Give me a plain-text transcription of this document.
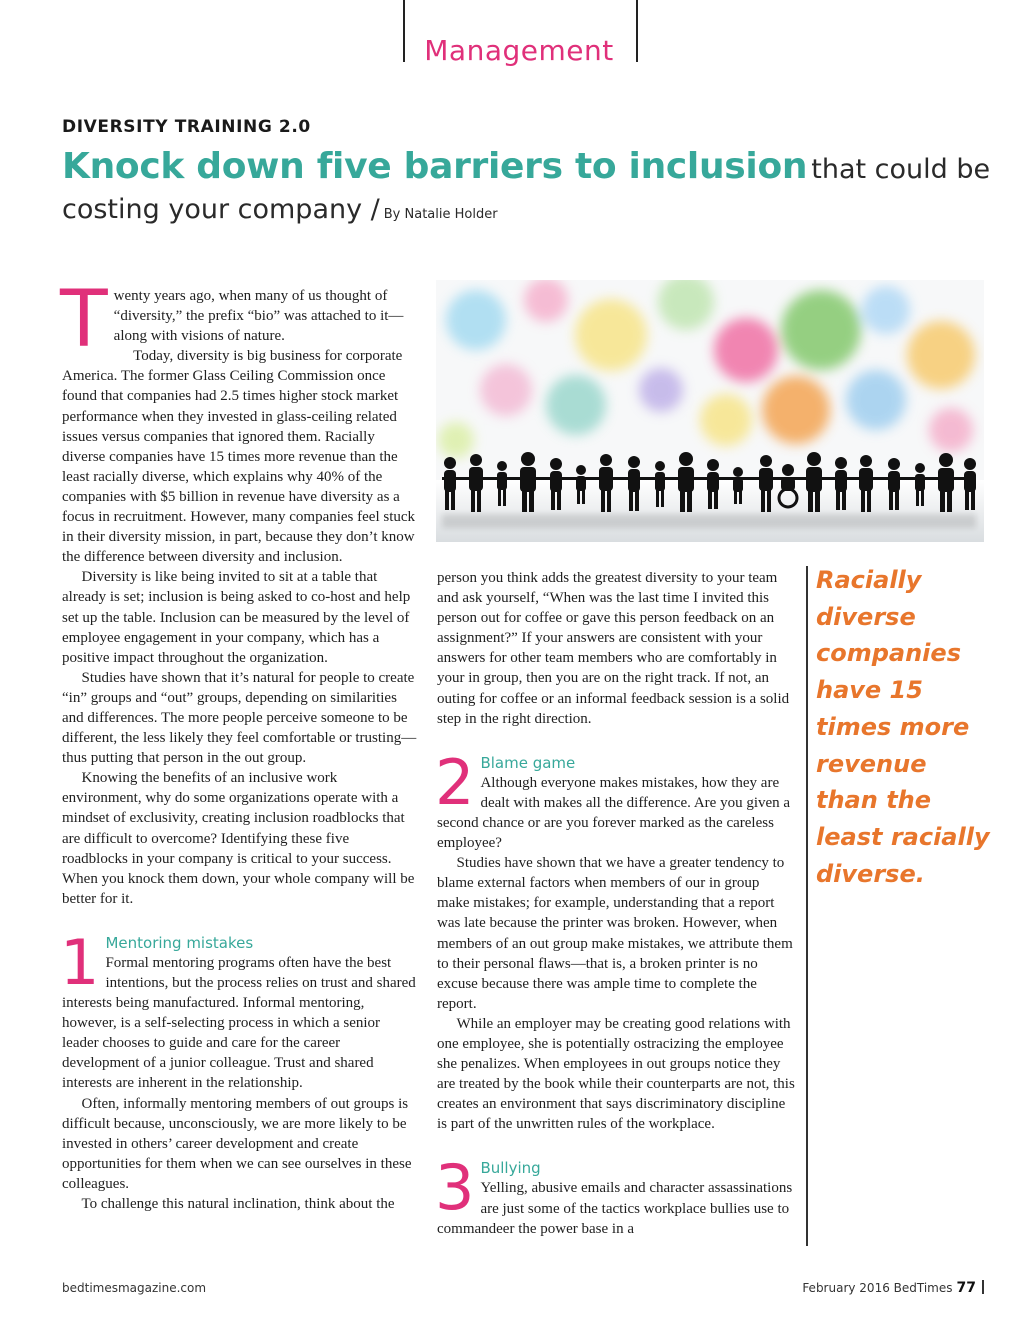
Management
DIVERSITY TRAINING 2.0
Knock down five barriers to inclusion that could be
costing your company / By Natalie Holder

Twenty years ago, when many of us thought of “diversity,” the prefix “bio” was attached to it—along with visions of nature.

Today, diversity is big business for corporate America. The former Glass Ceiling Commission once found that companies had 2.5 times higher stock market performance when they invested in glass-ceiling related issues versus companies that ignored them. Racially diverse companies have 15 times more revenue than the least racially diverse, which explains why 40% of the companies with $5 billion in revenue have diversity as a focus in recruitment. However, many companies feel stuck in their diversity mission, in part, because they don’t know the difference between diversity and inclusion.

Diversity is like being invited to sit at a table that already is set; inclusion is being asked to co-host and help set up the table. Inclusion can be measured by the level of employee engagement in your company, which has a positive impact throughout the organization.

Studies have shown that it’s natural for people to create “in” groups and “out” groups, depending on similarities and differences. The more people perceive someone to be different, the less likely they feel comfortable or trusting—thus putting that person in the out group.

Knowing the benefits of an inclusive work environment, why do some organizations operate with a mindset of exclusivity, creating inclusion roadblocks that are difficult to overcome? Identifying these five roadblocks in your company is critical to your success. When you knock them down, your whole company will be better for it.

1 Mentoring mistakes
Formal mentoring programs often have the best intentions, but the process relies on trust and shared interests being manufactured. Informal mentoring, however, is a self-selecting process in which a senior leader chooses to guide and care for the career development of a junior colleague. Trust and shared interests are inherent in the relationship.

Often, informally mentoring members of out groups is difficult because, unconsciously, we are more likely to be invested in others’ career development and create opportunities for them when we can see ourselves in these colleagues.

To challenge this natural inclination, think about the

person you think adds the greatest diversity to your team and ask yourself, “When was the last time I invited this person out for coffee or gave this person feedback on an assignment?” If your answers are consistent with your answers for other team members who are comfortably in your in group, then you are on the right track. If not, an outing for coffee or an informal feedback session is a solid step in the right direction.

2 Blame game
Although everyone makes mistakes, how they are dealt with makes all the difference. Are you given a second chance or are you forever marked as the careless employee?

Studies have shown that we have a greater tendency to blame external factors when members of our in group make mistakes; for example, understanding that a report was late because the printer was broken. However, when members of an out group make mistakes, we attribute them to their personal flaws—that is, a broken printer is no excuse because there was ample time to complete the report.

While an employer may be creating good relations with one employee, she is potentially ostracizing the employee she penalizes. When employees in out groups notice they are treated by the book while their counterparts are not, this creates an environment that says discriminatory discipline is part of the unwritten rules of the workplace.

3 Bullying
Yelling, abusive emails and character assassinations are just some of the tactics workplace bullies use to commandeer the power base in a

Racially diverse companies have 15 times more revenue than the least racially diverse.
bedtimesmagazine.com	February 2016 BedTimes 77
